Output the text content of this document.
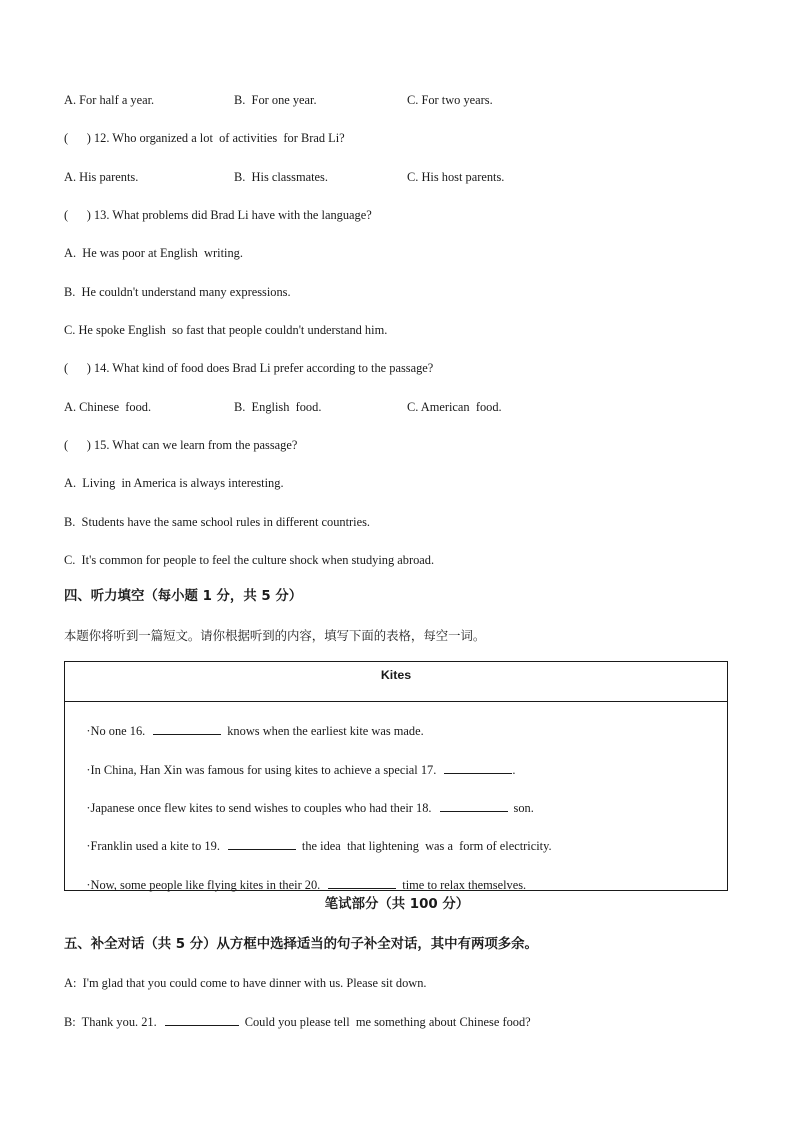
A. For half a year.	B.  For one year.	C. For two years.
(      ) 12. Who organized a lot  of activities  for Brad Li?
A. His parents.	B.  His classmates.	C. His host parents.
(      ) 13. What problems did Brad Li have with the language?
A.  He was poor at English  writing.
B.  He couldn't understand many expressions.
C. He spoke English  so fast that people couldn't understand him.
(      ) 14. What kind of food does Brad Li prefer according to the passage?
A. Chinese  food.	B.  English  food.	C. American  food.
(      ) 15. What can we learn from the passage?
A.  Living  in America is always interesting.
B.  Students have the same school rules in different countries.
C.  It's common for people to feel the culture shock when studying abroad.
四、听力填空（每小题 1 分，共 5 分）
本题你将听到一篇短文。请你根据听到的内容，填写下面的表格，每空一词。
Kites

·No one 16.	knows when the earliest kite was made.

·In China, Han Xin was famous for using kites to achieve a special 17.	.

·Japanese once flew kites to send wishes to couples who had their 18.	son.

·Franklin used a kite to 19.	the idea  that lightening  was a  form of electricity.

·Now, some people like flying kites in their 20.	time to relax themselves.

笔试部分（共 100 分）
五、补全对话（共 5 分）从方框中选择适当的句子补全对话，其中有两项多余。
A:  I'm glad that you could come to have dinner with us. Please sit down.
B:  Thank you. 21.	Could you please tell  me something about Chinese food?
